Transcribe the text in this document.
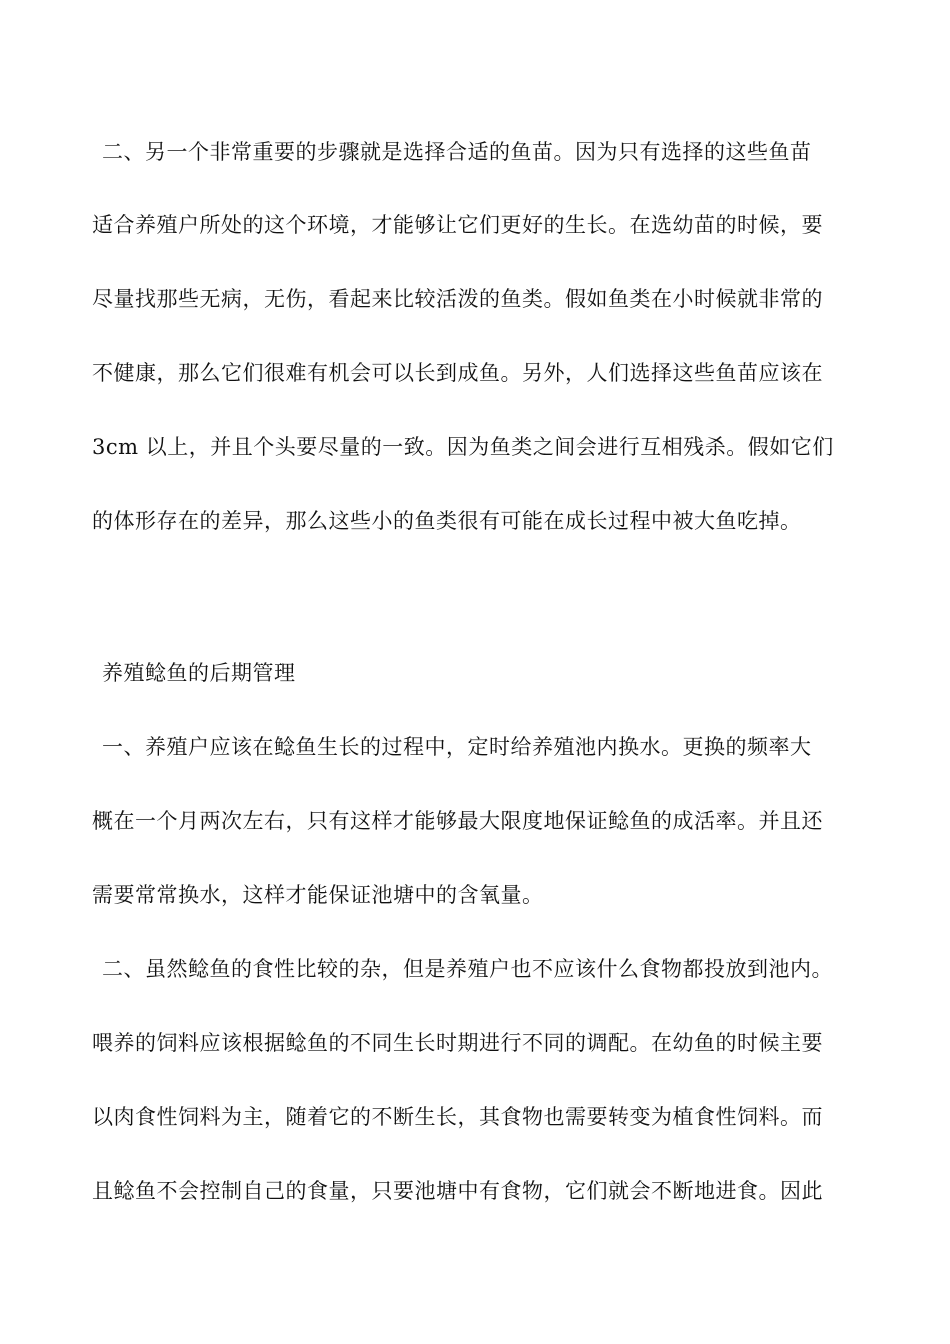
二、另一个非常重要的步骤就是选择合适的鱼苗。因为只有选择的这些鱼苗
适合养殖户所处的这个环境，才能够让它们更好的生长。在选幼苗的时候，要
尽量找那些无病，无伤，看起来比较活泼的鱼类。假如鱼类在小时候就非常的
不健康，那么它们很难有机会可以长到成鱼。另外，人们选择这些鱼苗应该在
3cm 以上，并且个头要尽量的一致。因为鱼类之间会进行互相残杀。假如它们
的体形存在的差异，那么这些小的鱼类很有可能在成长过程中被大鱼吃掉。
养殖鲶鱼的后期管理
一、养殖户应该在鲶鱼生长的过程中，定时给养殖池内换水。更换的频率大
概在一个月两次左右，只有这样才能够最大限度地保证鲶鱼的成活率。并且还
需要常常换水，这样才能保证池塘中的含氧量。
二、虽然鲶鱼的食性比较的杂，但是养殖户也不应该什么食物都投放到池内。
喂养的饲料应该根据鲶鱼的不同生长时期进行不同的调配。在幼鱼的时候主要
以肉食性饲料为主，随着它的不断生长，其食物也需要转变为植食性饲料。而
且鲶鱼不会控制自己的食量，只要池塘中有食物，它们就会不断地进食。因此
